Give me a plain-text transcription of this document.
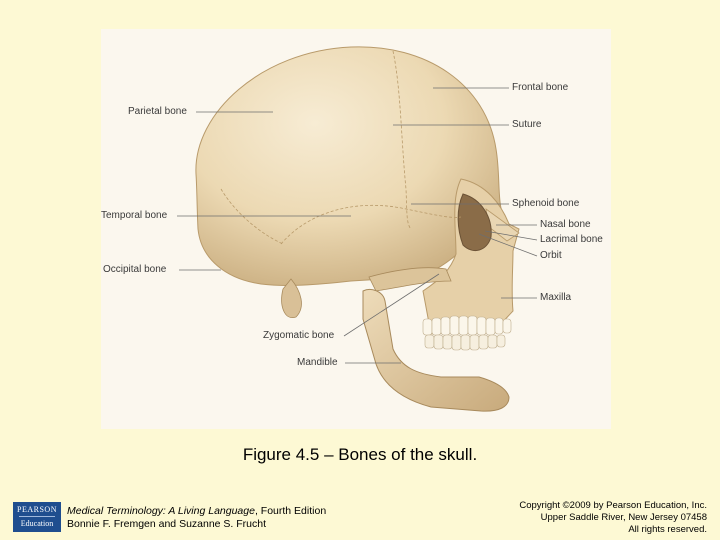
Frontal bone
Parietal bone
Suture
Temporal bone
Sphenoid bone
Nasal bone
Lacrimal bone
Orbit
Occipital bone
Maxilla
Zygomatic bone
Mandible
Figure 4.5 – Bones of the skull.
PEARSON
Education
Medical Terminology: A Living Language, Fourth Edition
Bonnie F. Fremgen and Suzanne S. Frucht
Copyright ©2009 by Pearson Education, Inc.
Upper Saddle River, New Jersey 07458
All rights reserved.
